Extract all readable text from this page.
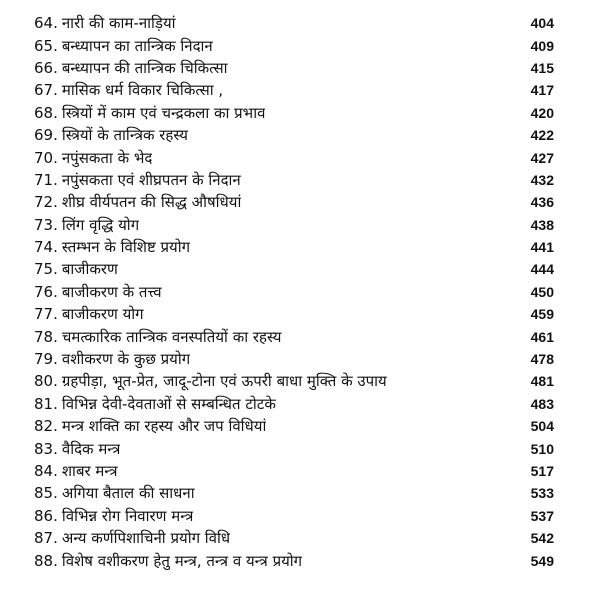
64. नारी की काम-नाड़ियां	404
65. बन्ध्यापन का तान्त्रिक निदान	409
66. बन्ध्यापन की तान्त्रिक चिकित्सा	415
67. मासिक धर्म विकार चिकित्सा ,	417
68. स्त्रियों में काम एवं चन्द्रकला का प्रभाव	420
69. स्त्रियों के तान्त्रिक रहस्य	422
70. नपुंसकता के भेद	427
71. नपुंसकता एवं शीघ्रपतन के निदान	432
72. शीघ्र वीर्यपतन की सिद्ध औषधियां	436
73. लिंग वृद्धि योग	438
74. स्तम्भन के विशिष्ट प्रयोग	441
75. बाजीकरण	444
76. बाजीकरण के तत्त्व	450
77. बाजीकरण योग	459
78. चमत्कारिक तान्त्रिक वनस्पतियों का रहस्य	461
79. वशीकरण के कुछ प्रयोग	478
80. ग्रहपीड़ा, भूत-प्रेत, जादू-टोना एवं ऊपरी बाधा मुक्ति के उपाय	481
81. विभिन्न देवी-देवताओं से सम्बन्धित टोटके	483
82. मन्त्र शक्ति का रहस्य और जप विधियां	504
83. वैदिक मन्त्र	510
84. शाबर मन्त्र	517
85. अगिया बैताल की साधना	533
86. विभिन्न रोग निवारण मन्त्र	537
87. अन्य कर्णपिशाचिनी प्रयोग विधि	542
88. विशेष वशीकरण हेतु मन्त्र, तन्त्र व यन्त्र प्रयोग	549
